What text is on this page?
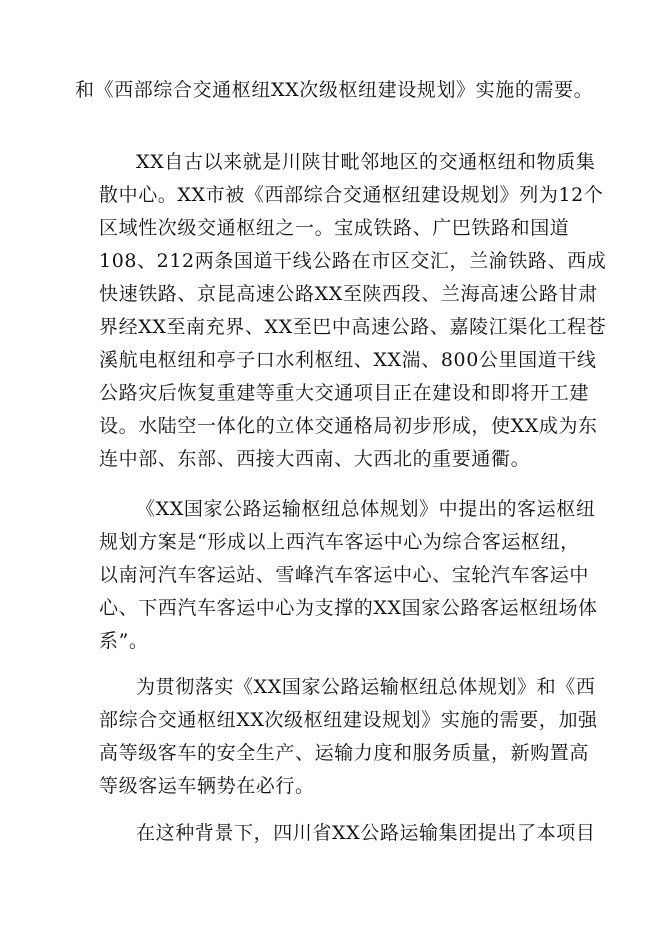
和《西部综合交通枢纽XX次级枢纽建设规划》实施的需要。
XX自古以来就是川陕甘毗邻地区的交通枢纽和物质集
散中心。XX市被《西部综合交通枢纽建设规划》列为12个
区域性次级交通枢纽之一。宝成铁路、广巴铁路和国道
108、212两条国道干线公路在市区交汇，兰渝铁路、西成
快速铁路、京昆高速公路XX至陕西段、兰海高速公路甘肃
界经XX至南充界、XX至巴中高速公路、嘉陵江渠化工程苍
溪航电枢纽和亭子口水利枢纽、XX湍、800公里国道干线
公路灾后恢复重建等重大交通项目正在建设和即将开工建
设。水陆空一体化的立体交通格局初步形成，使XX成为东
连中部、东部、西接大西南、大西北的重要通衢。
《XX国家公路运输枢纽总体规划》中提出的客运枢纽
规划方案是“形成以上西汽车客运中心为综合客运枢纽，
以南河汽车客运站、雪峰汽车客运中心、宝轮汽车客运中
心、下西汽车客运中心为支撑的XX国家公路客运枢纽场体
系”。
为贯彻落实《XX国家公路运输枢纽总体规划》和《西
部综合交通枢纽XX次级枢纽建设规划》实施的需要，加强
高等级客车的安全生产、运输力度和服务质量，新购置高
等级客运车辆势在必行。
在这种背景下，四川省XX公路运输集团提出了本项目
